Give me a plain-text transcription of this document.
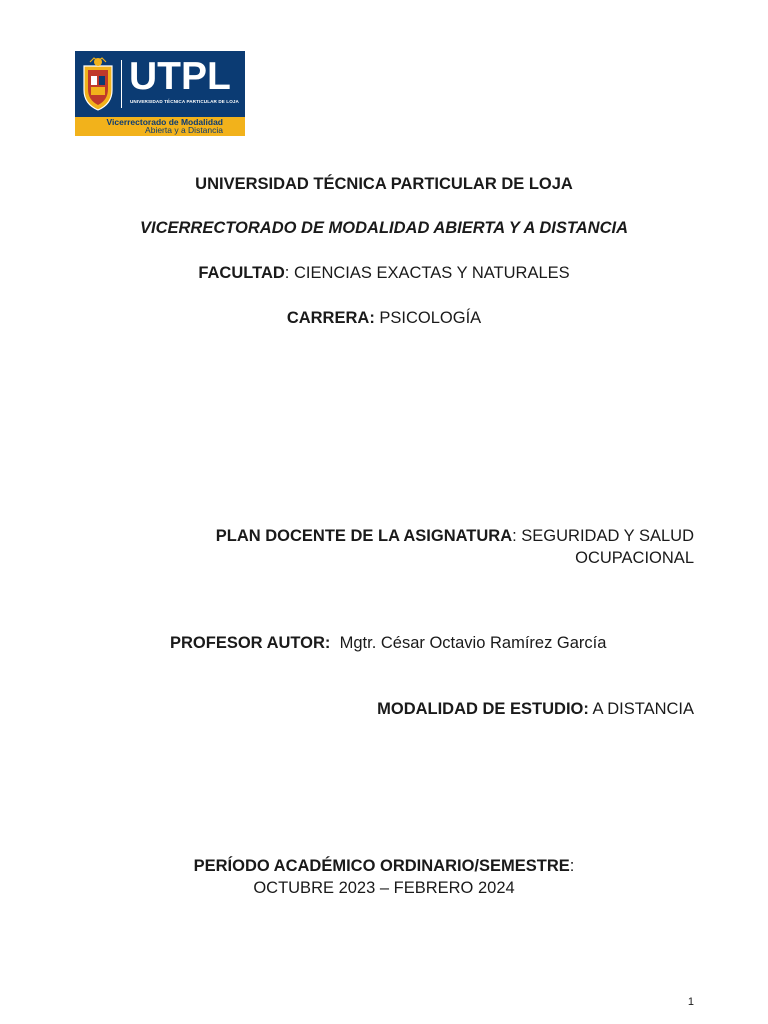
UTPL
UNIVERSIDAD TÉCNICA PARTICULAR DE LOJA
Vicerrectorado de Modalidad
Abierta y a Distancia
UNIVERSIDAD TÉCNICA PARTICULAR DE LOJA
VICERRECTORADO DE MODALIDAD ABIERTA Y A DISTANCIA
FACULTAD: CIENCIAS EXACTAS Y NATURALES
CARRERA: PSICOLOGÍA
PLAN DOCENTE DE LA ASIGNATURA: SEGURIDAD Y SALUD
OCUPACIONAL
PROFESOR AUTOR: Mgtr. César Octavio Ramírez García
MODALIDAD DE ESTUDIO: A DISTANCIA
PERÍODO ACADÉMICO ORDINARIO/SEMESTRE:
OCTUBRE 2023 – FEBRERO 2024
1
